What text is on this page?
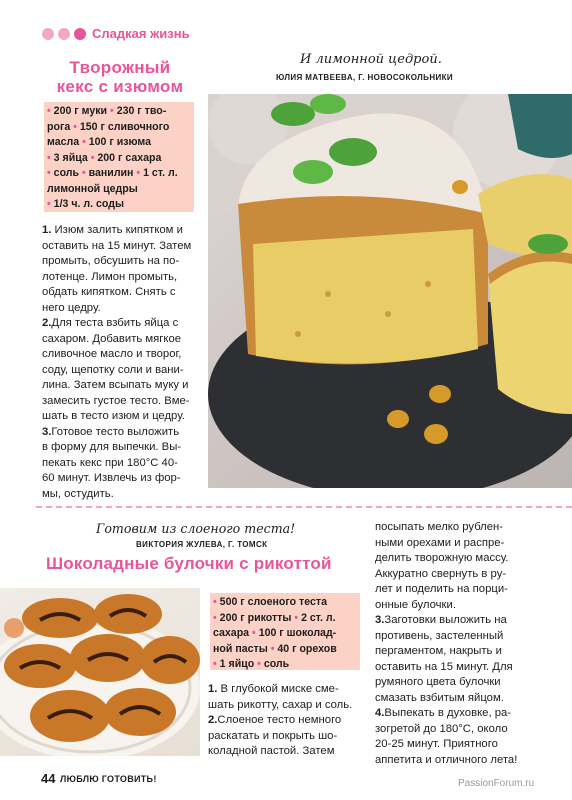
Сладкая жизнь
Творожный
кекс с изюмом
• 200 г муки • 230 г тво-
рога • 150 г сливочного
масла • 100 г изюма
• 3 яйца • 200 г сахара
• соль • ванилин • 1 ст. л.
лимонной цедры
• 1/3 ч. л. соды
1. Изюм залить кипятком и
оставить на 15 минут. Затем
промыть, обсушить на по-
лотенце. Лимон промыть,
обдать кипятком. Снять с
него цедру.
2.Для теста взбить яйца с
сахаром. Добавить мягкое
сливочное масло и творог,
соду, щепотку соли и вани-
лина. Затем всыпать муку и
замесить густое тесто. Вме-
шать в тесто изюм и цедру.
3.Готовое тесто выложить
в форму для выпечки. Вы-
пекать кекс при 180°С 40-
60 минут. Извлечь из фор-
мы, остудить.
И лимонной цедрой.
ЮЛИЯ МАТВЕЕВА, Г. НОВОСОКОЛЬНИКИ
Готовим из слоеного теста!
ВИКТОРИЯ ЖУЛЕВА, Г. ТОМСК
Шоколадные булочки с рикоттой
• 500 г слоеного теста
• 200 г рикотты • 2 ст. л.
сахара • 100 г шоколад-
ной пасты • 40 г орехов
• 1 яйцо • соль
1. В глубокой миске смe-
шать рикотту, сахар и соль.
2.Слоеное тесто немного
раскатать и покрыть шо-
коладной пастой. Затем
посыпать мелко рублен-
ными орехами и распре-
делить творожную массу.
Аккуратно свернуть в ру-
лет и поделить на порци-
онные булочки.
3.Заготовки выложить на
противень, застеленный
пергаментом, накрыть и
оставить на 15 минут. Для
румяного цвета булочки
смазать взбитым яйцом.
4.Выпекать в духовке, ра-
зогретой до 180°С, около
20-25 минут. Приятного
аппетита и отличного лета!
44 ЛЮБЛЮ ГОТОВИТЬ!	PassionForum.ru
